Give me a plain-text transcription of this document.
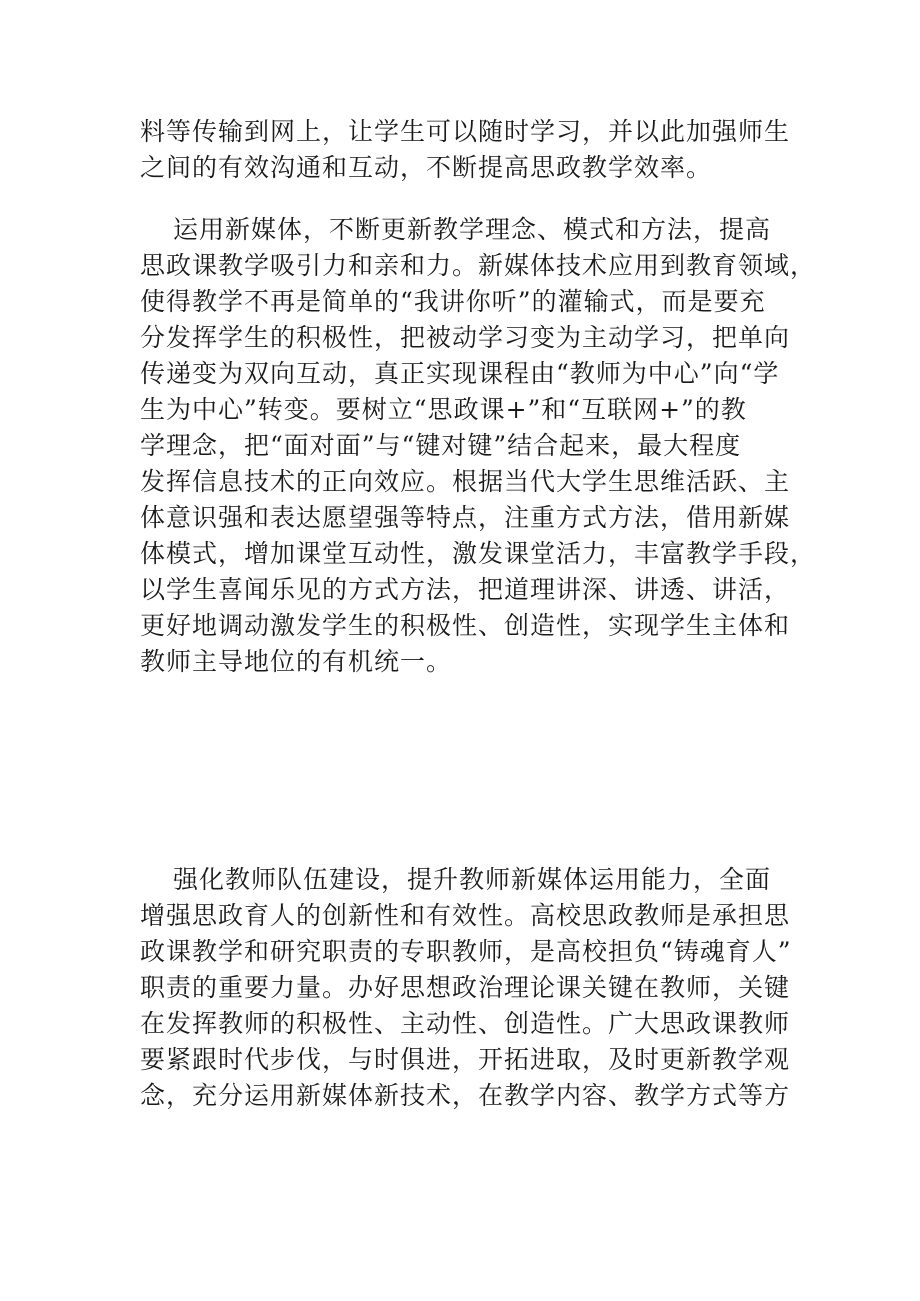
料等传输到网上，让学生可以随时学习，并以此加强师生
之间的有效沟通和互动，不断提高思政教学效率。
运用新媒体，不断更新教学理念、模式和方法，提高
思政课教学吸引力和亲和力。新媒体技术应用到教育领域，
使得教学不再是简单的“我讲你听”的灌输式，而是要充
分发挥学生的积极性，把被动学习变为主动学习，把单向
传递变为双向互动，真正实现课程由“教师为中心”向“学
生为中心”转变。要树立“思政课+”和“互联网+”的教
学理念，把“面对面”与“键对键”结合起来，最大程度
发挥信息技术的正向效应。根据当代大学生思维活跃、主
体意识强和表达愿望强等特点，注重方式方法，借用新媒
体模式，增加课堂互动性，激发课堂活力，丰富教学手段，
以学生喜闻乐见的方式方法，把道理讲深、讲透、讲活，
更好地调动激发学生的积极性、创造性，实现学生主体和
教师主导地位的有机统一。
强化教师队伍建设，提升教师新媒体运用能力，全面
增强思政育人的创新性和有效性。高校思政教师是承担思
政课教学和研究职责的专职教师，是高校担负“铸魂育人”
职责的重要力量。办好思想政治理论课关键在教师，关键
在发挥教师的积极性、主动性、创造性。广大思政课教师
要紧跟时代步伐，与时俱进，开拓进取，及时更新教学观
念，充分运用新媒体新技术，在教学内容、教学方式等方
